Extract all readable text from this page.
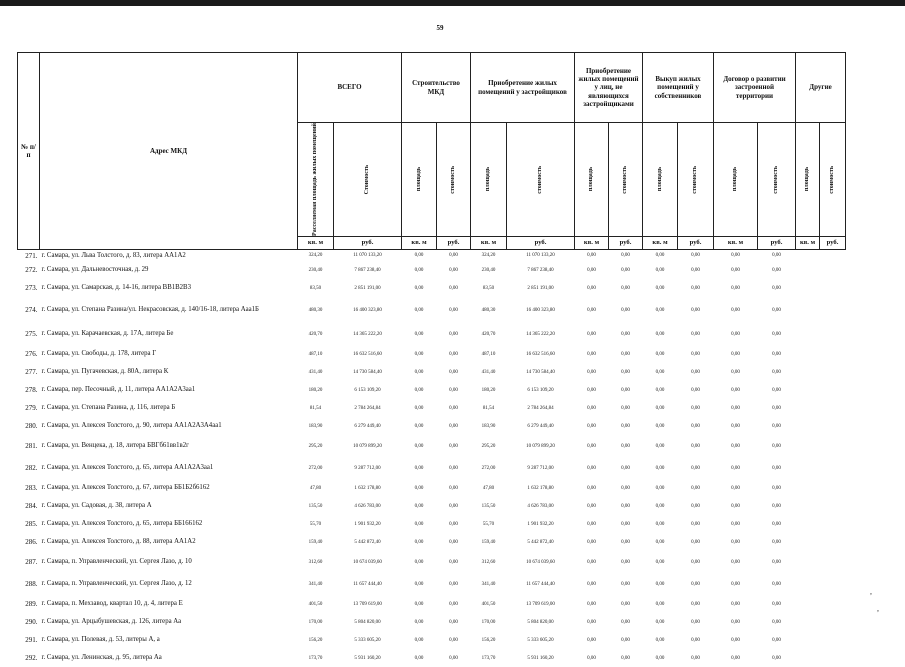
59
№ п/п	Адрес МКД	ВСЕГО		Строительство МКД		Приобретение жилых помещений у застройщиков		Приобретение жилых помещений у лиц, не являющихся застройщиками		Выкуп жилых помещений у собственников		Договор о развитии застроенной территории		Другие	

		Расселяемая площадь жилых помещений	Стоимость	площадь	стоимость	площадь	стоимость	площадь	стоимость	площадь	стоимость	площадь	стоимость	площадь	стоимость

		кв. м	руб.	кв. м	руб.	кв. м	руб.	кв. м	руб.	кв. м	руб.	кв. м	руб.	кв. м	руб.
271.	г. Самара, ул. Льва Толстого, д. 83, литера АА1А2	324,20	11 070 133,20	0,00	0,00	324,20	11 070 133,20	0,00	0,00	0,00	0,00	0,00	0,00		
272.	г. Самара, ул. Дальневосточная, д. 29	230,40	7 867 238,40	0,00	0,00	230,40	7 867 238,40	0,00	0,00	0,00	0,00	0,00	0,00		
273.	г. Самара, ул. Самарская, д. 14-16, литера ВВ1В2В3	83,50	2 851 191,00	0,00	0,00	83,50	2 851 191,00	0,00	0,00	0,00	0,00	0,00	0,00		
274.	г. Самара, ул. Степана Разина/ул. Некрасовская, д. 140/16-18, литера Ааа1Б	480,30	16 400 323,80	0,00	0,00	480,30	16 400 323,80	0,00	0,00	0,00	0,00	0,00	0,00		
275.	г. Самара, ул. Карачаевская, д. 17А, литера Бе	420,70	14 365 222,20	0,00	0,00	420,70	14 365 222,20	0,00	0,00	0,00	0,00	0,00	0,00		
276.	г. Самара, ул. Свободы, д. 178, литера Г	487,10	16 632 516,60	0,00	0,00	487,10	16 632 516,60	0,00	0,00	0,00	0,00	0,00	0,00		
277.	г. Самара, ул. Пугачевская, д. 80А, литера К	431,40	14 730 584,40	0,00	0,00	431,40	14 730 584,40	0,00	0,00	0,00	0,00	0,00	0,00		
278.	г. Самара, пер. Песочный, д. 11, литера АА1А2А3аа1	180,20	6 153 109,20	0,00	0,00	180,20	6 153 109,20	0,00	0,00	0,00	0,00	0,00	0,00		
279.	г. Самара, ул. Степана Разина, д. 116, литера Б	81,54	2 784 264,84	0,00	0,00	81,54	2 784 264,84	0,00	0,00	0,00	0,00	0,00	0,00		
280.	г. Самара, ул. Алексея Толстого, д. 90, литера АА1А2А3А4аа1	183,90	6 279 449,40	0,00	0,00	183,90	6 279 449,40	0,00	0,00	0,00	0,00	0,00	0,00		
281.	г. Самара, ул. Венцека, д. 18, литера БВГб61вв1в2г	295,20	10 079 899,20	0,00	0,00	295,20	10 079 899,20	0,00	0,00	0,00	0,00	0,00	0,00		
282.	г. Самара, ул. Алексея Толстого, д. 65, литера АА1А2А3аа1	272,00	9 287 712,00	0,00	0,00	272,00	9 287 712,00	0,00	0,00	0,00	0,00	0,00	0,00		
283.	г. Самара, ул. Алексея Толстого, д. 67, литера ББ1Б2б6162	47,80	1 632 178,80	0,00	0,00	47,80	1 632 178,80	0,00	0,00	0,00	0,00	0,00	0,00		
284.	г. Самара, ул. Садовая, д. 38, литера А	135,50	4 626 783,00	0,00	0,00	135,50	4 626 783,00	0,00	0,00	0,00	0,00	0,00	0,00		
285.	г. Самара, ул. Алексея Толстого, д. 65, литера ББ166162	55,70	1 901 932,20	0,00	0,00	55,70	1 901 932,20	0,00	0,00	0,00	0,00	0,00	0,00		
286.	г. Самара, ул. Алексея Толстого, д. 88, литера АА1А2	159,40	5 442 872,40	0,00	0,00	159,40	5 442 872,40	0,00	0,00	0,00	0,00	0,00	0,00		
287.	г. Самара, п. Управленческий, ул. Сергея Лазо, д. 10	312,60	10 674 039,60	0,00	0,00	312,60	10 674 039,60	0,00	0,00	0,00	0,00	0,00	0,00		
288.	г. Самара, п. Управленческий, ул. Сергея Лазо, д. 12	341,40	11 657 444,40	0,00	0,00	341,40	11 657 444,40	0,00	0,00	0,00	0,00	0,00	0,00		
289.	г. Самара, п. Мехзавод, квартал 10, д. 4, литера Е	401,50	13 709 619,00	0,00	0,00	401,50	13 709 619,00	0,00	0,00	0,00	0,00	0,00	0,00		
290.	г. Самара, ул. Арцыбушевская, д. 126, литера Аа	170,00	5 804 820,00	0,00	0,00	170,00	5 804 820,00	0,00	0,00	0,00	0,00	0,00	0,00		
291.	г. Самара, ул. Полевая, д. 53, литеры А, а	156,20	5 333 605,20	0,00	0,00	156,20	5 333 605,20	0,00	0,00	0,00	0,00	0,00	0,00		
292.	г. Самара, ул. Ленинская, д. 95, литера Аа	173,70	5 931 160,20	0,00	0,00	173,70	5 931 160,20	0,00	0,00	0,00	0,00	0,00	0,00		
,
,
